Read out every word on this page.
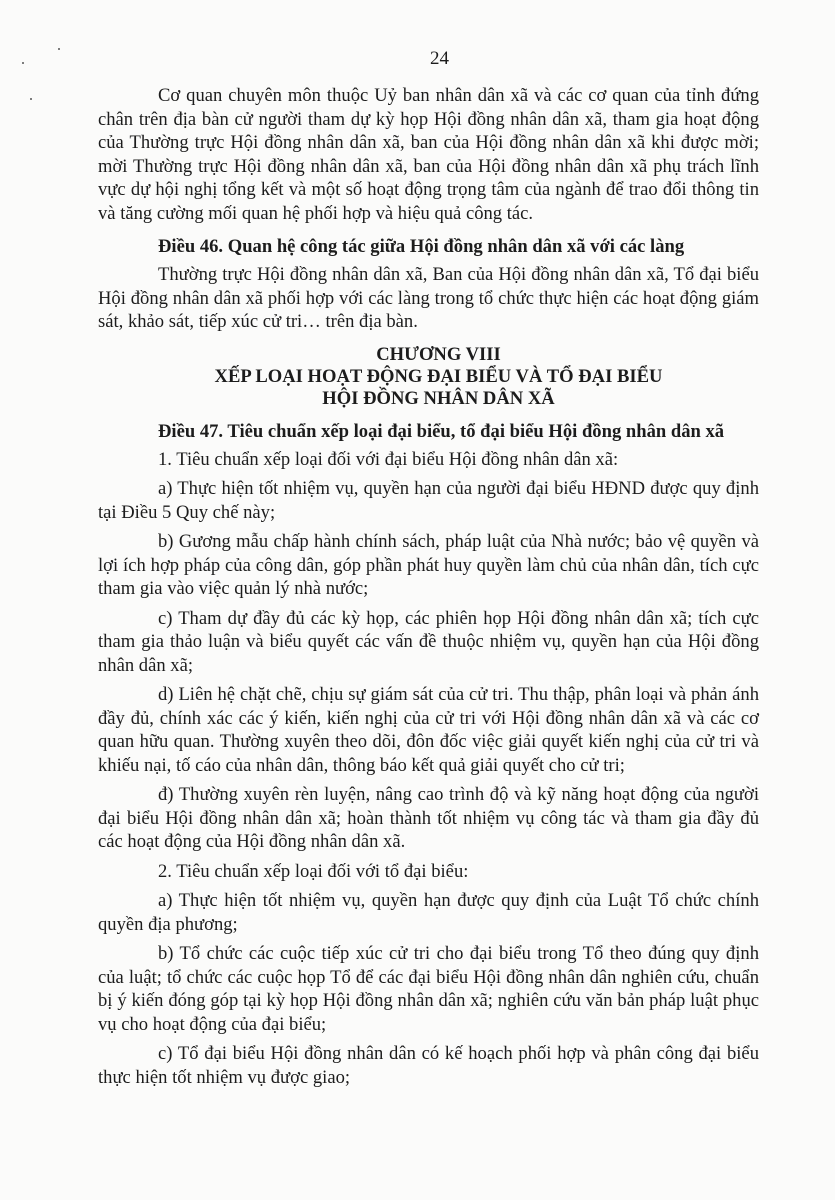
24

Cơ quan chuyên môn thuộc Uỷ ban nhân dân xã và các cơ quan của tỉnh đứng chân trên địa bàn cử người tham dự kỳ họp Hội đồng nhân dân xã, tham gia hoạt động của Thường trực Hội đồng nhân dân xã, ban của Hội đồng nhân dân xã khi được mời; mời Thường trực Hội đồng nhân dân xã, ban của Hội đồng nhân dân xã phụ trách lĩnh vực dự hội nghị tổng kết và một số hoạt động trọng tâm của ngành để trao đổi thông tin và tăng cường mối quan hệ phối hợp và hiệu quả công tác.

Điều 46. Quan hệ công tác giữa Hội đồng nhân dân xã với các làng

Thường trực Hội đồng nhân dân xã, Ban của Hội đồng nhân dân xã, Tổ đại biểu Hội đồng nhân dân xã phối hợp với các làng trong tổ chức thực hiện các hoạt động giám sát, khảo sát, tiếp xúc cử tri… trên địa bàn.

CHƯƠNG VIII
XẾP LOẠI HOẠT ĐỘNG ĐẠI BIỂU VÀ TỔ ĐẠI BIỂU
HỘI ĐỒNG NHÂN DÂN XÃ
Điều 47. Tiêu chuẩn xếp loại đại biểu, tổ đại biểu Hội đồng nhân dân xã

1. Tiêu chuẩn xếp loại đối với đại biểu Hội đồng nhân dân xã:

a) Thực hiện tốt nhiệm vụ, quyền hạn của người đại biểu HĐND được quy định tại Điều 5 Quy chế này;

b) Gương mẫu chấp hành chính sách, pháp luật của Nhà nước; bảo vệ quyền và lợi ích hợp pháp của công dân, góp phần phát huy quyền làm chủ của nhân dân, tích cực tham gia vào việc quản lý nhà nước;

c) Tham dự đầy đủ các kỳ họp, các phiên họp Hội đồng nhân dân xã; tích cực tham gia thảo luận và biểu quyết các vấn đề thuộc nhiệm vụ, quyền hạn của Hội đồng nhân dân xã;

d) Liên hệ chặt chẽ, chịu sự giám sát của cử tri. Thu thập, phân loại và phản ánh đầy đủ, chính xác các ý kiến, kiến nghị của cử tri với Hội đồng nhân dân xã và các cơ quan hữu quan. Thường xuyên theo dõi, đôn đốc việc giải quyết kiến nghị của cử tri và khiếu nại, tố cáo của nhân dân, thông báo kết quả giải quyết cho cử tri;

đ) Thường xuyên rèn luyện, nâng cao trình độ và kỹ năng hoạt động của người đại biểu Hội đồng nhân dân xã; hoàn thành tốt nhiệm vụ công tác và tham gia đầy đủ các hoạt động của Hội đồng nhân dân xã.

2. Tiêu chuẩn xếp loại đối với tổ đại biểu:

a) Thực hiện tốt nhiệm vụ, quyền hạn được quy định của Luật Tổ chức chính quyền địa phương;

b) Tổ chức các cuộc tiếp xúc cử tri cho đại biểu trong Tổ theo đúng quy định của luật; tổ chức các cuộc họp Tổ để các đại biểu Hội đồng nhân dân nghiên cứu, chuẩn bị ý kiến đóng góp tại kỳ họp Hội đồng nhân dân xã; nghiên cứu văn bản pháp luật phục vụ cho hoạt động của đại biểu;

c) Tổ đại biểu Hội đồng nhân dân có kế hoạch phối hợp và phân công đại biểu thực hiện tốt nhiệm vụ được giao;
